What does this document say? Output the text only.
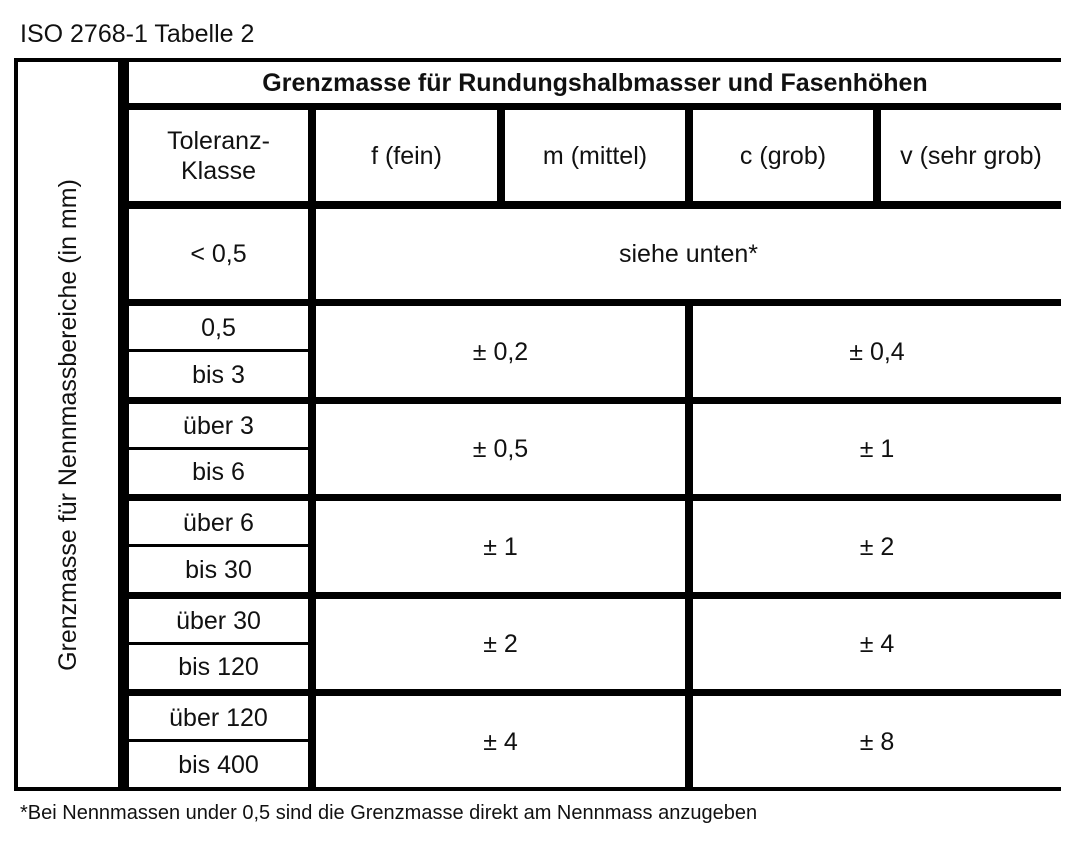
ISO 2768-1 Tabelle 2
Grenzmasse für Nennmassbereiche (in mm)
Grenzmasse für Rundungshalbmasser und Fasenhöhen
Toleranz-
Klasse
f (fein)	m (mittel)	c (grob)	v (sehr grob)
< 0,5	siehe unten*
0,5
bis 3
± 0,2	± 0,4
über 3
bis 6
± 0,5	± 1
über 6
bis 30
± 1	± 2
über 30
bis 120
± 2	± 4
über 120
bis 400
± 4	± 8
*Bei Nennmassen under 0,5 sind die Grenzmasse direkt am Nennmass anzugeben
